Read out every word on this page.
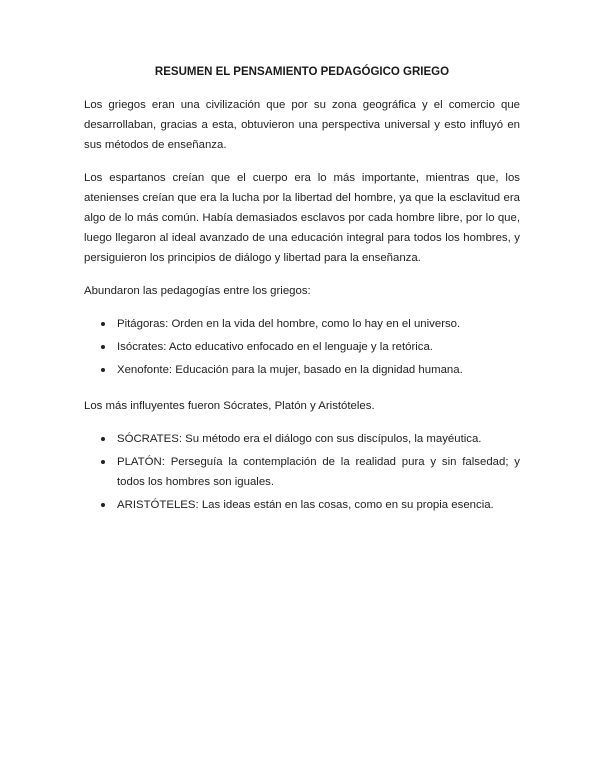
RESUMEN EL PENSAMIENTO PEDAGÓGICO GRIEGO

Los griegos eran una civilización que por su zona geográfica y el comercio que desarrollaban, gracias a esta, obtuvieron una perspectiva universal y esto influyó en sus métodos de enseñanza.

Los espartanos creían que el cuerpo era lo más importante, mientras que, los atenienses creían que era la lucha por la libertad del hombre, ya que la esclavitud era algo de lo más común. Había demasiados esclavos por cada hombre libre, por lo que, luego llegaron al ideal avanzado de una educación integral para todos los hombres, y persiguieron los principios de diálogo y libertad para la enseñanza.

Abundaron las pedagogías entre los griegos:

Pitágoras: Orden en la vida del hombre, como lo hay en el universo.
Isócrates: Acto educativo enfocado en el lenguaje y la retórica.
Xenofonte: Educación para la mujer, basado en la dignidad humana.

Los más influyentes fueron Sócrates, Platón y Aristóteles.

SÓCRATES: Su método era el diálogo con sus discípulos, la mayéutica.
PLATÓN: Perseguía la contemplación de la realidad pura y sin falsedad; y todos los hombres son iguales.
ARISTÓTELES: Las ideas están en las cosas, como en su propia esencia.
